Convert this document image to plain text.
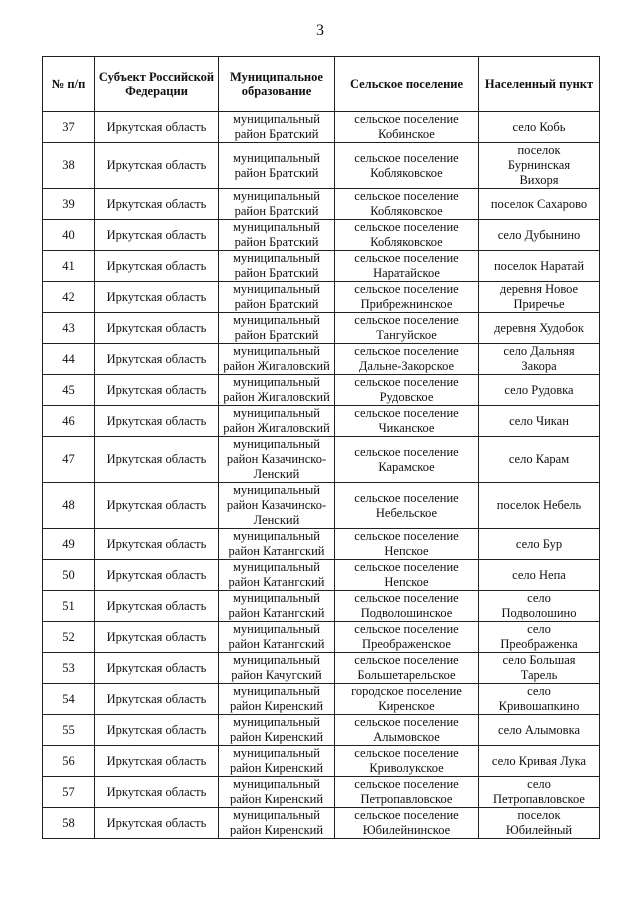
3
№ п/п	Субъект Российской Федерации	Муниципальное образование	Сельское поселение	Населенный пункт

37	Иркутская область	муниципальный
район Братский	сельское поселение
Кобинское	село Кобь

38	Иркутская область	муниципальный
район Братский	сельское поселение
Кобляковское	поселок
Бурнинская
Вихоря

39	Иркутская область	муниципальный
район Братский	сельское поселение
Кобляковское	поселок Сахарово

40	Иркутская область	муниципальный
район Братский	сельское поселение
Кобляковское	село Дубынино

41	Иркутская область	муниципальный
район Братский	сельское поселение
Наратайское	поселок Наратай

42	Иркутская область	муниципальный
район Братский	сельское поселение
Прибрежнинское	деревня Новое
Приречье

43	Иркутская область	муниципальный
район Братский	сельское поселение
Тангуйское	деревня Худобок

44	Иркутская область	муниципальный
район Жигаловский	сельское поселение
Дальне-Закорское	село Дальняя
Закора

45	Иркутская область	муниципальный
район Жигаловский	сельское поселение
Рудовское	село Рудовка

46	Иркутская область	муниципальный
район Жигаловский	сельское поселение
Чиканское	село Чикан

47	Иркутская область	муниципальный
район Казачинско-
Ленский	сельское поселение
Карамское	село Карам

48	Иркутская область	муниципальный
район Казачинско-
Ленский	сельское поселение
Небельское	поселок Небель

49	Иркутская область	муниципальный
район Катангский	сельское поселение
Непское	село Бур

50	Иркутская область	муниципальный
район Катангский	сельское поселение
Непское	село Непа

51	Иркутская область	муниципальный
район Катангский	сельское поселение
Подволошинское	село
Подволошино

52	Иркутская область	муниципальный
район Катангский	сельское поселение
Преображенское	село
Преображенка

53	Иркутская область	муниципальный
район Качугский	сельское поселение
Большетарельское	село Большая
Тарель

54	Иркутская область	муниципальный
район Киренский	городское поселение
Киренское	село
Кривошапкино

55	Иркутская область	муниципальный
район Киренский	сельское поселение
Алымовское	село Алымовка

56	Иркутская область	муниципальный
район Киренский	сельское поселение
Криволукское	село Кривая Лука

57	Иркутская область	муниципальный
район Киренский	сельское поселение
Петропавловское	село
Петропавловское

58	Иркутская область	муниципальный
район Киренский	сельское поселение
Юбилейнинское	поселок
Юбилейный
